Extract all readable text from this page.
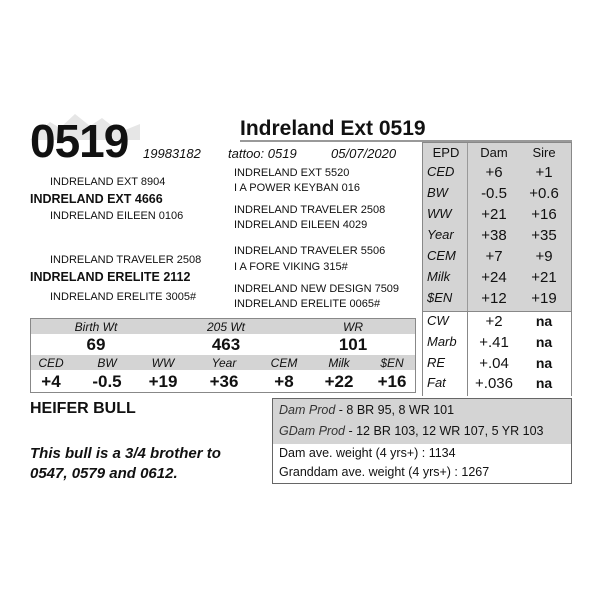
0519	Indreland Ext 0519
19983182 tattoo: 0519	05/07/2020
INDRELAND EXT 8904
INDRELAND EXT 4666
INDRELAND EILEEN 0106
INDRELAND EXT 5520
I A POWER KEYBAN 016
INDRELAND TRAVELER 2508
INDRELAND EILEEN 4029
INDRELAND TRAVELER 2508
INDRELAND ERELITE 2112
INDRELAND ERELITE 3005#
INDRELAND TRAVELER 5506
I A FORE VIKING 315#
INDRELAND NEW DESIGN 7509
INDRELAND ERELITE 0065#
EPD	Dam	Sire
CED	+6	+1
BW	-0.5	+0.6
WW	+21	+16
Year	+38	+35
CEM	+7	+9
Milk	+24	+21
$EN	+12	+19
CW	+2	na
Marb	+.41	na
RE	+.04	na
Fat +.036	na
Birth Wt	205 Wt	WR
69	463	101
CED	BW	WW	Year	CEM	Milk	$EN
+4	-0.5	+19	+36	+8	+22	+16
HEIFER BULL
This bull is a 3/4 brother to 0547, 0579 and 0612.
Dam Prod - 8 BR 95, 8 WR 101
GDam Prod - 12 BR 103, 12 WR 107, 5 YR 103
Dam ave. weight (4 yrs+) : 1134
Granddam ave. weight (4 yrs+) : 1267
